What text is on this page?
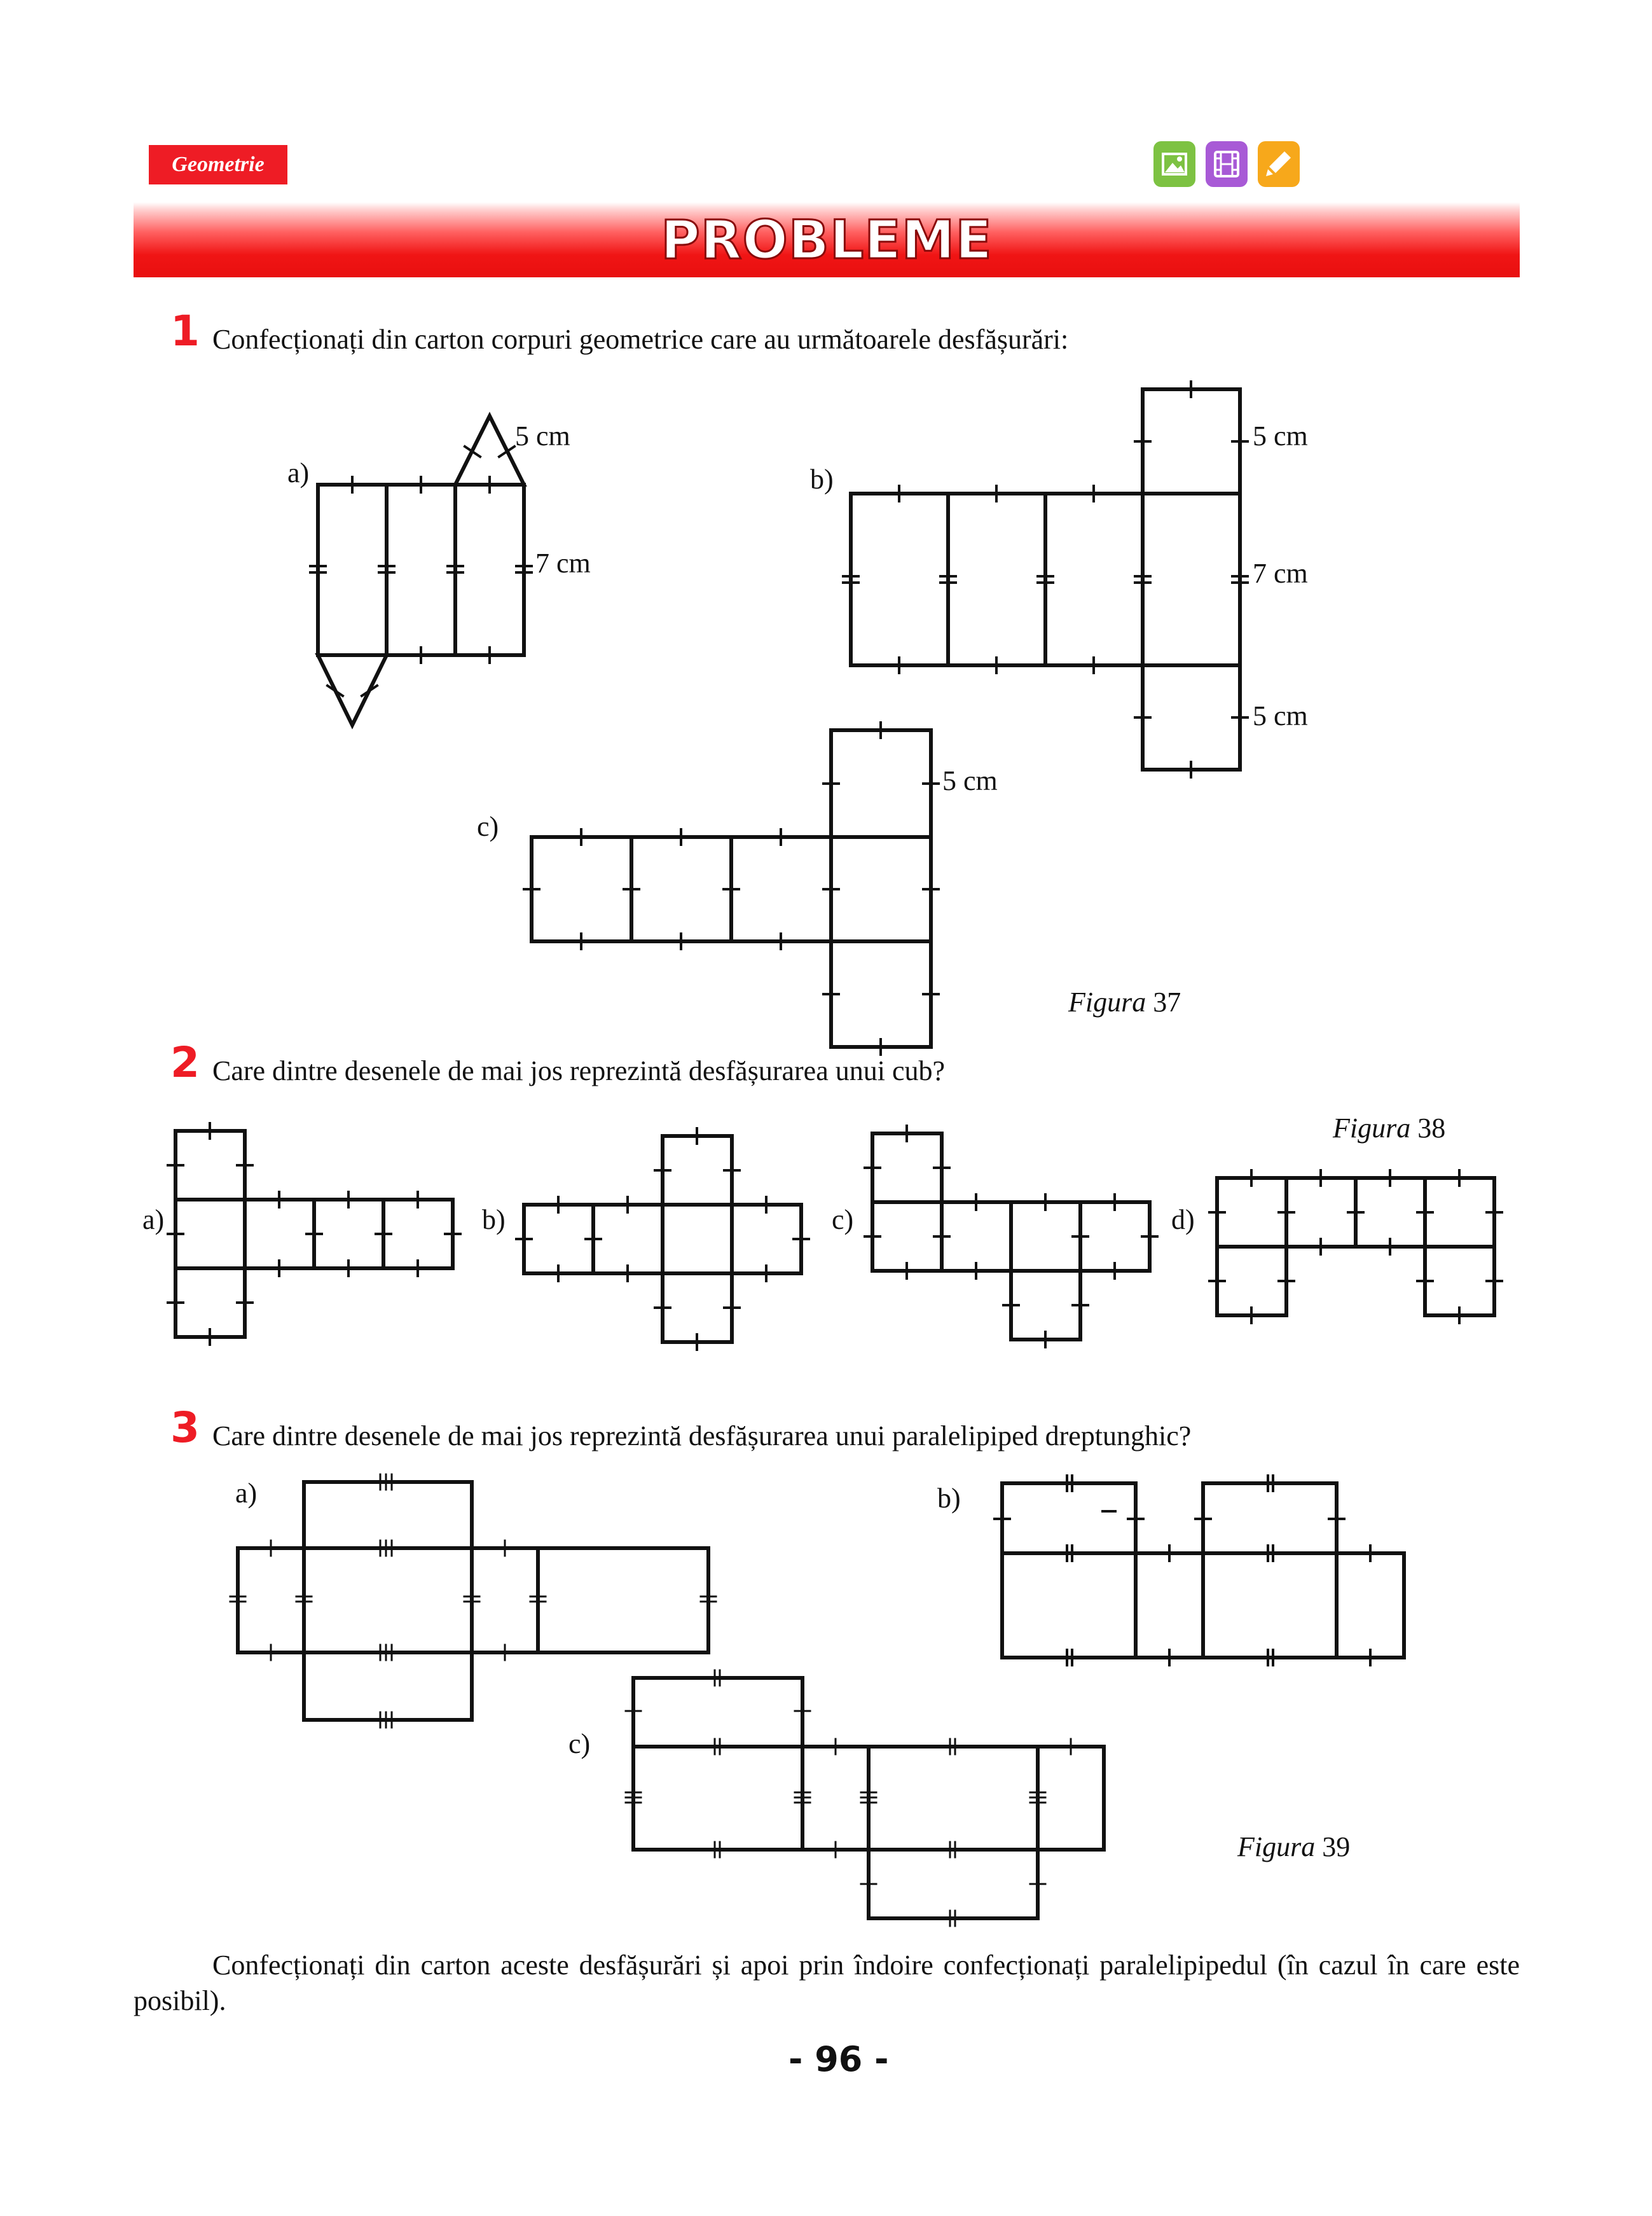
Geometrie
PROBLEME
1 Confecționați din carton corpuri geometrice care au următoarele desfășurări:
2 Care dintre desenele de mai jos reprezintă desfășurarea unui cub?
3 Care dintre desenele de mai jos reprezintă desfășurarea unui paralelipiped dreptunghic?
Figura 37
Figura 38
Figura 39
Confecționați din carton aceste desfășurări și apoi prin îndoire confecționați paralelipipedul (în cazul în care este posibil).
- 96 -
a)
5 cm
7 cm
b)
5 cm
7 cm
5 cm
c)
5 cm
a)	b)	c)	d)
a)	b)
c)
